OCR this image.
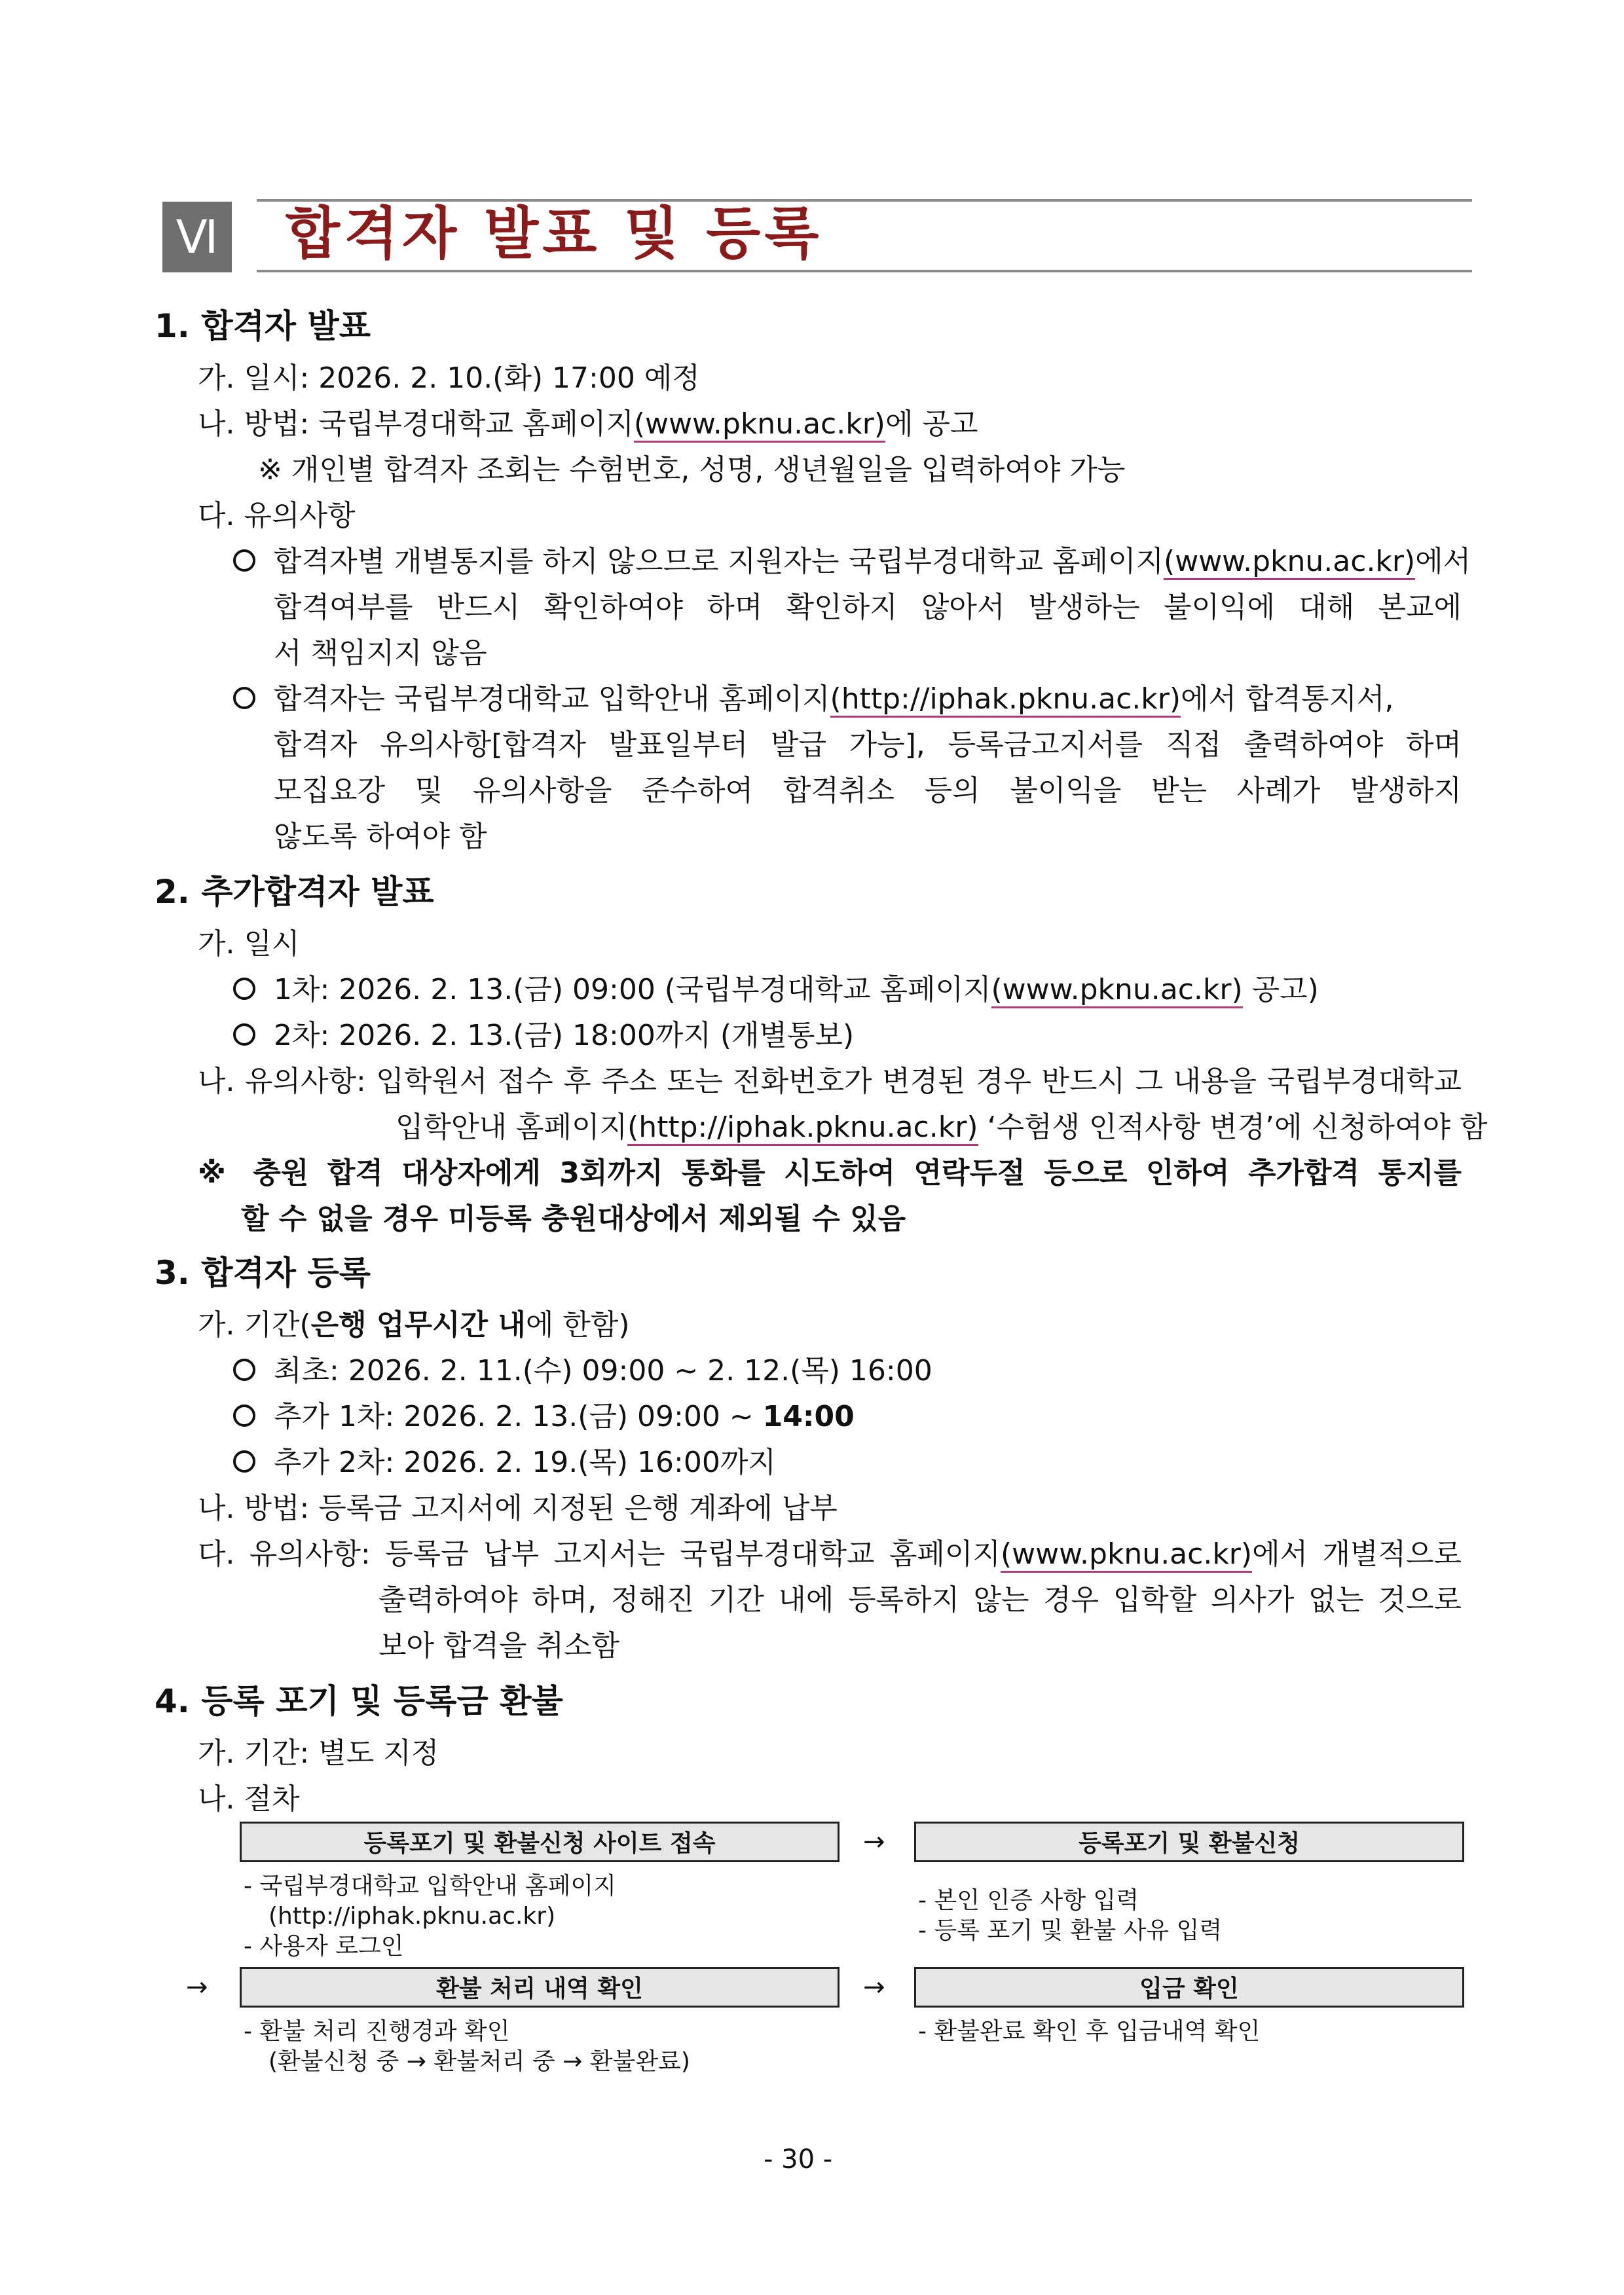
Ⅵ 합격자 발표 및 등록
1. 합격자 발표
가. 일시: 2026. 2. 10.(화) 17:00 예정
나. 방법: 국립부경대학교 홈페이지(www.pknu.ac.kr)에 공고
※ 개인별 합격자 조회는 수험번호, 성명, 생년월일을 입력하여야 가능
다. 유의사항
합격자별 개별통지를 하지 않으므로 지원자는 국립부경대학교 홈페이지(www.pknu.ac.kr)에서
합격여부를 반드시 확인하여야 하며 확인하지 않아서 발생하는 불이익에 대해 본교에
서 책임지지 않음
합격자는 국립부경대학교 입학안내 홈페이지(http://iphak.pknu.ac.kr)에서 합격통지서,
합격자 유의사항[합격자 발표일부터 발급 가능], 등록금고지서를 직접 출력하여야 하며
모집요강 및 유의사항을 준수하여 합격취소 등의 불이익을 받는 사례가 발생하지
않도록 하여야 함
2. 추가합격자 발표
가. 일시
1차: 2026. 2. 13.(금) 09:00 (국립부경대학교 홈페이지(www.pknu.ac.kr) 공고)
2차: 2026. 2. 13.(금) 18:00까지 (개별통보)
나. 유의사항: 입학원서 접수 후 주소 또는 전화번호가 변경된 경우 반드시 그 내용을 국립부경대학교
입학안내 홈페이지(http://iphak.pknu.ac.kr) ‘수험생 인적사항 변경’에 신청하여야 함
※ 충원 합격 대상자에게 3회까지 통화를 시도하여 연락두절 등으로 인하여 추가합격 통지를
할 수 없을 경우 미등록 충원대상에서 제외될 수 있음
3. 합격자 등록
가. 기간(은행 업무시간 내에 한함)
최초: 2026. 2. 11.(수) 09:00 ~ 2. 12.(목) 16:00
추가 1차: 2026. 2. 13.(금) 09:00 ~ 14:00
추가 2차: 2026. 2. 19.(목) 16:00까지
나. 방법: 등록금 고지서에 지정된 은행 계좌에 납부
다. 유의사항: 등록금 납부 고지서는 국립부경대학교 홈페이지(www.pknu.ac.kr)에서 개별적으로
출력하여야 하며, 정해진 기간 내에 등록하지 않는 경우 입학할 의사가 없는 것으로
보아 합격을 취소함
4. 등록 포기 및 등록금 환불
가. 기간: 별도 지정
나. 절차
등록포기 및 환불신청 사이트 접속	→	등록포기 및 환불신청
- 국립부경대학교 입학안내 홈페이지
(http://iphak.pknu.ac.kr)
- 사용자 로그인
- 본인 인증 사항 입력
- 등록 포기 및 환불 사유 입력
→	환불 처리 내역 확인	→	입금 확인
- 환불 처리 진행경과 확인
(환불신청 중 → 환불처리 중 → 환불완료)
- 환불완료 확인 후 입금내역 확인
- 30 -
